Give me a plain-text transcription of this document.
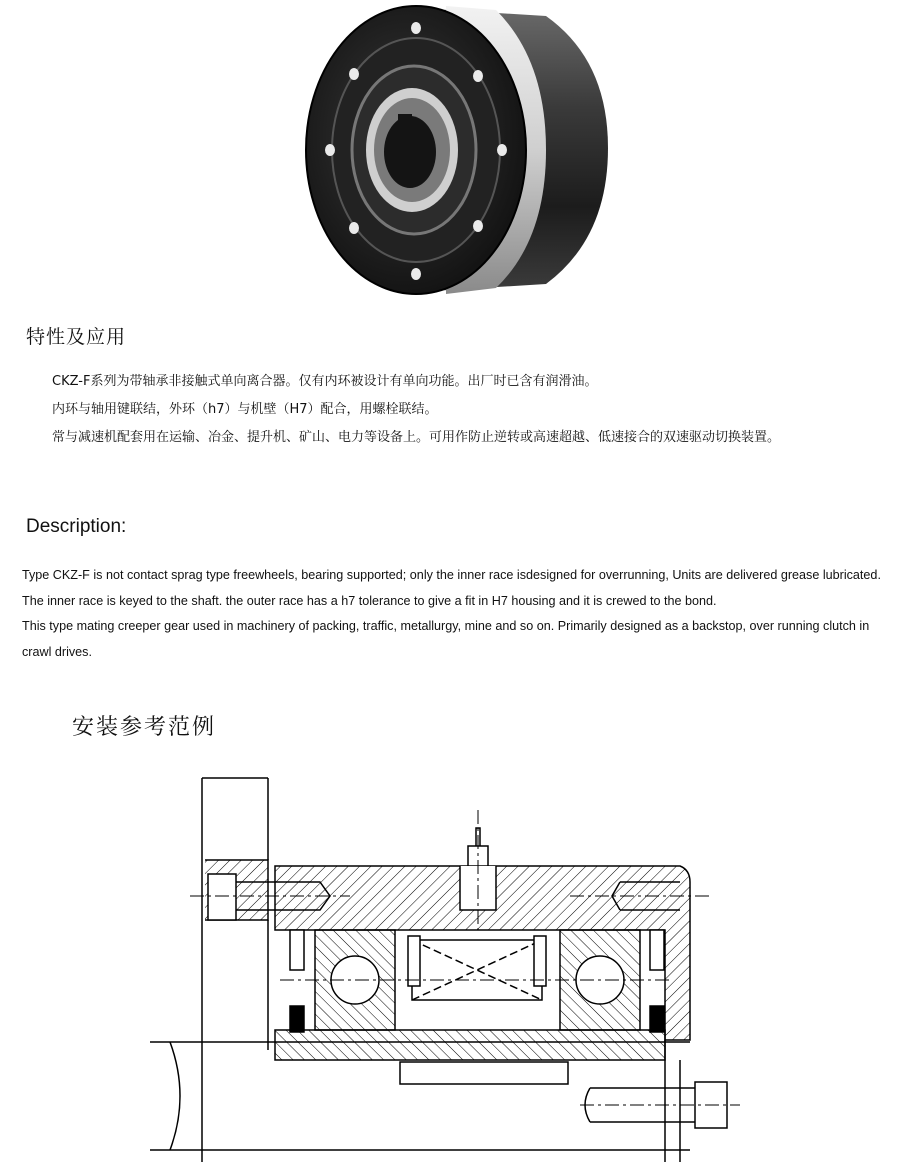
特性及应用

CKZ-F系列为带轴承非接触式单向离合器。仅有内环被设计有单向功能。出厂时已含有润滑油。

内环与轴用键联结，外环（h7）与机壁（H7）配合，用螺栓联结。

常与减速机配套用在运输、冶金、提升机、矿山、电力等设备上。可用作防止逆转或高速超越、低速接合的双速驱动切换装置。

Description:

Type CKZ-F is not contact sprag type freewheels, bearing supported; only the inner race isdesigned for overrunning, Units are delivered grease lubricated.

The inner race is keyed to the shaft. the outer race has a h7 tolerance to give a fit in H7 housing and it is crewed to the bond.

This type mating creeper gear used in machinery of packing, traffic, metallurgy, mine and so on. Primarily designed as a backstop, over running clutch in crawl drives.

安装参考范例
